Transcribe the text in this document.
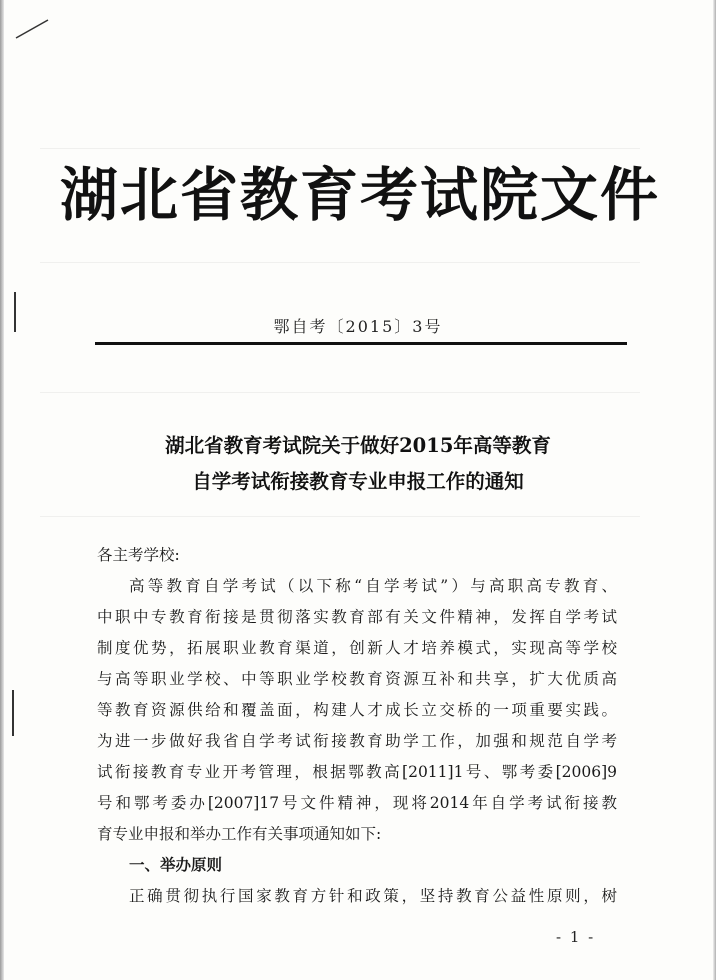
湖北省教育考试院文件
鄂自考〔2015〕3号
湖北省教育考试院关于做好2015年高等教育
自学考试衔接教育专业申报工作的通知
各主考学校:
高等教育自学考试（以下称“自学考试”）与高职高专教育、
中职中专教育衔接是贯彻落实教育部有关文件精神，发挥自学考试
制度优势，拓展职业教育渠道，创新人才培养模式，实现高等学校
与高等职业学校、中等职业学校教育资源互补和共享，扩大优质高
等教育资源供给和覆盖面，构建人才成长立交桥的一项重要实践。
为进一步做好我省自学考试衔接教育助学工作，加强和规范自学考
试衔接教育专业开考管理，根据鄂教高[2011]1号、鄂考委[2006]9
号和鄂考委办[2007]17号文件精神，现将2014年自学考试衔接教
育专业申报和举办工作有关事项通知如下:
一、举办原则
正确贯彻执行国家教育方针和政策，坚持教育公益性原则，树
- 1 -
